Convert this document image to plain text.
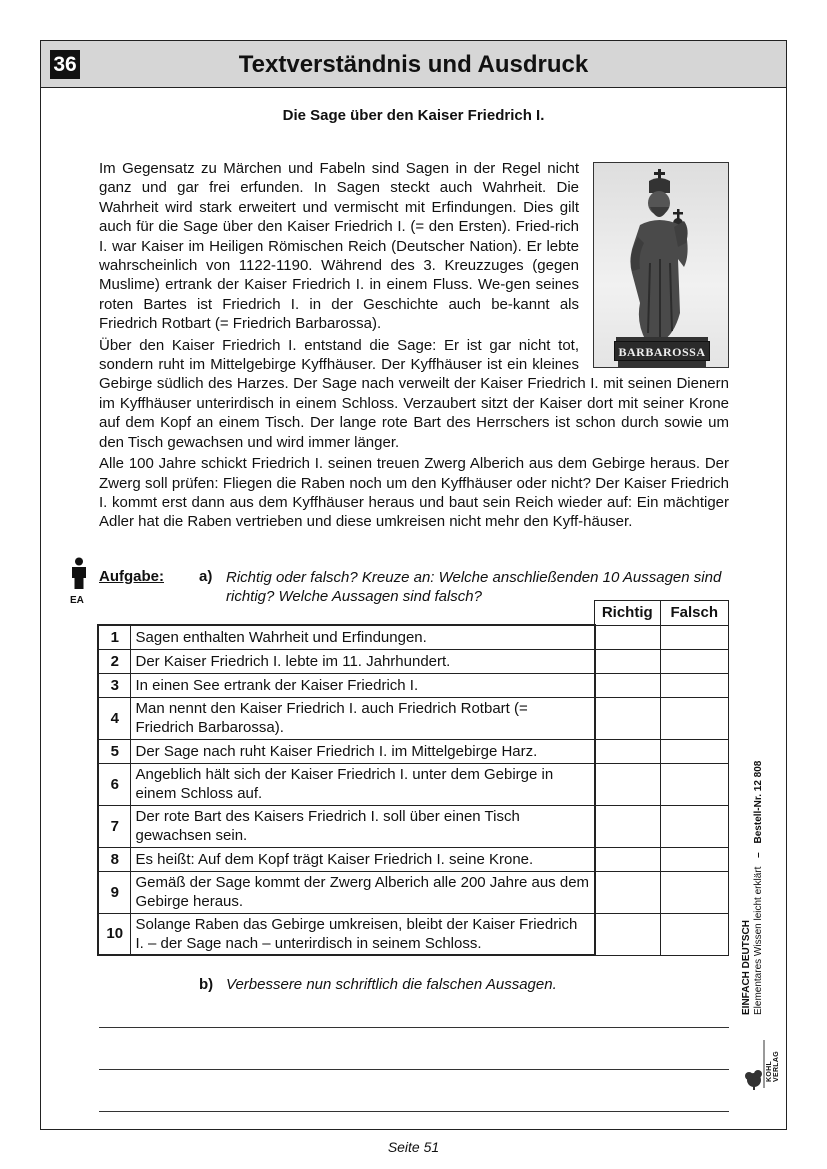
36	Textverständnis und Ausdruck
Die Sage über den Kaiser Friedrich I.
BARBAROSSA

Im Gegensatz zu Märchen und Fabeln sind Sagen in der Regel nicht ganz und gar frei erfunden. In Sagen steckt auch Wahrheit. Die Wahrheit wird stark erweitert und vermischt mit Erfindungen. Dies gilt auch für die Sage über den Kaiser Friedrich I. (= den Ersten). Fried-rich I. war Kaiser im Heiligen Römischen Reich (Deutscher Nation). Er lebte wahrscheinlich von 1122-1190. Während des 3. Kreuzzuges (gegen Muslime) ertrank der Kaiser Friedrich I. in einem Fluss. We-gen seines roten Bartes ist Friedrich I. in der Geschichte auch be-kannt als Friedrich Rotbart (= Friedrich Barbarossa).

Über den Kaiser Friedrich I. entstand die Sage: Er ist gar nicht tot, sondern ruht im Mittelgebirge Kyffhäuser. Der Kyffhäuser ist ein kleines Gebirge südlich des Harzes. Der Sage nach verweilt der Kaiser Friedrich I. mit seinen Dienern im Kyffhäuser unterirdisch in einem Schloss. Verzaubert sitzt der Kaiser dort mit seiner Krone auf dem Kopf an einem Tisch. Der lange rote Bart des Herrschers ist schon durch sowie um den Tisch gewachsen und wird immer länger.

Alle 100 Jahre schickt Friedrich I. seinen treuen Zwerg Alberich aus dem Gebirge heraus. Der Zwerg soll prüfen: Fliegen die Raben noch um den Kyffhäuser oder nicht? Der Kaiser Friedrich I. kommt erst dann aus dem Kyffhäuser heraus und baut sein Reich wieder auf: Ein mächtiger Adler hat die Raben vertrieben und diese umkreisen nicht mehr den Kyff-häuser.

EA
Aufgabe: a) Richtig oder falsch? Kreuze an: Welche anschließenden 10 Aussagen sind richtig? Welche Aussagen sind falsch?
Richtig	Falsch
1	Sagen enthalten Wahrheit und Erfindungen.		
2	Der Kaiser Friedrich I. lebte im 11. Jahrhundert.		
3	In einen See ertrank der Kaiser Friedrich I.		
4	Man nennt den Kaiser Friedrich I. auch Friedrich Rotbart (= Friedrich Barbarossa).		
5	Der Sage nach ruht Kaiser Friedrich I. im Mittelgebirge Harz.		
6	Angeblich hält sich der Kaiser Friedrich I. unter dem Gebirge in einem Schloss auf.		
7	Der rote Bart des Kaisers Friedrich I. soll über einen Tisch gewachsen sein.		
8	Es heißt: Auf dem Kopf trägt Kaiser Friedrich I. seine Krone.		
9	Gemäß der Sage kommt der Zwerg Alberich alle 200 Jahre aus dem Gebirge heraus.		
10	Solange Raben das Gebirge umkreisen, bleibt der Kaiser Friedrich I. – der Sage nach – unterirdisch in seinem Schloss.		
b) Verbessere nun schriftlich die falschen Aussagen.	EINFACH DEUTSCH Elementares Wissen leicht erklärt – Bestell-Nr. 12 808
KOHL VERLAG
Seite 51
